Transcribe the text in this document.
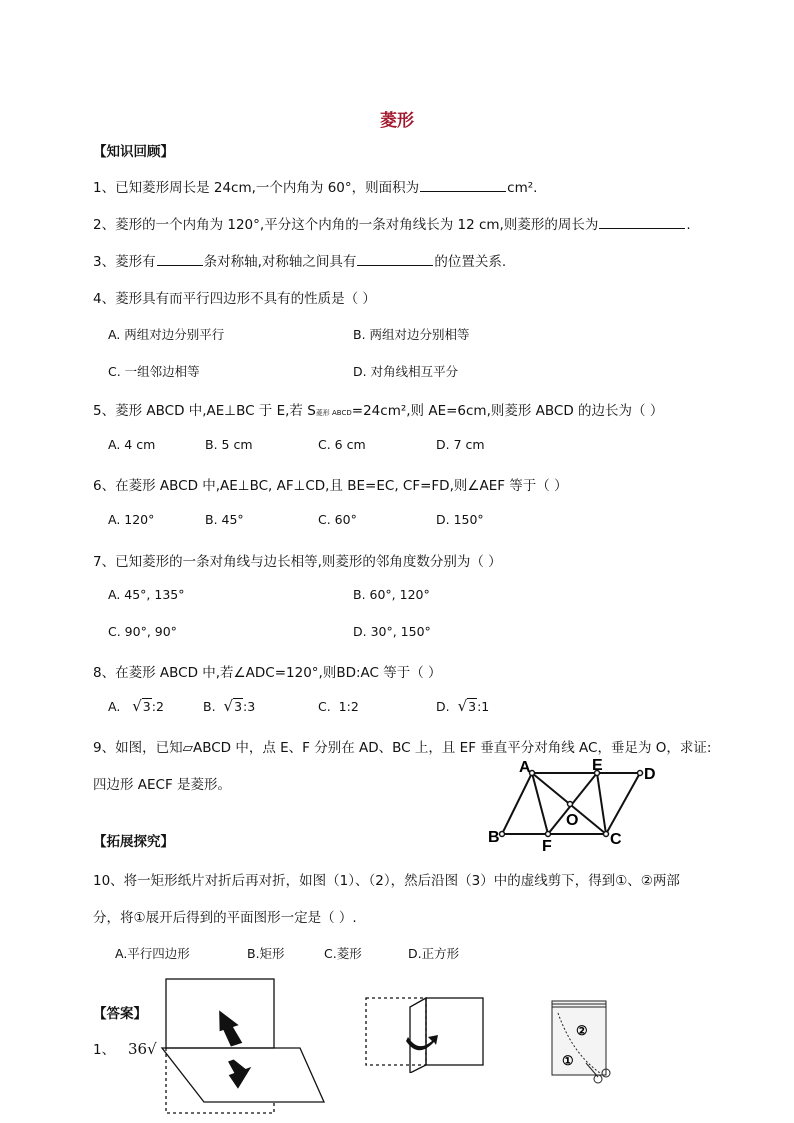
菱形
【知识回顾】
1、已知菱形周长是 24cm,一个内角为 60°，则面积为	cm².
2、菱形的一个内角为 120°,平分这个内角的一条对角线长为 12 cm,则菱形的周长为	.
3、菱形有	条对称轴,对称轴之间具有	的位置关系.
4、菱形具有而平行四边形不具有的性质是（ ）
A. 两组对边分别平行	B. 两组对边分别相等
C. 一组邻边相等	D. 对角线相互平分
5、菱形 ABCD 中,AE⊥BC 于 E,若 S菱形 ABCD=24cm²,则 AE=6cm,则菱形 ABCD 的边长为（ ）
A. 4 cm	B. 5 cm	C. 6 cm	D. 7 cm
6、在菱形 ABCD 中,AE⊥BC, AF⊥CD,且 BE=EC, CF=FD,则∠AEF 等于（ ）
A. 120°	B. 45°	C. 60°	D. 150°
7、已知菱形的一条对角线与边长相等,则菱形的邻角度数分别为（ ）
A. 45°, 135°	B. 60°, 120°
C. 90°, 90°	D. 30°, 150°
8、在菱形 ABCD 中,若∠ADC=120°,则BD:AC 等于（ ）
A. √3:2	B. √3:3	C. 1:2	D. √3:1
9、如图，已知▱ABCD 中，点 E、F 分别在 AD、BC 上，且 EF 垂直平分对角线 AC，垂足为 O，求证:
四边形 AECF 是菱形。
A	E
D
B
F
O
C
【拓展探究】
10、将一矩形纸片对折后再对折，如图（1）、（2），然后沿图（3）中的虚线剪下，得到①、②两部
分，将①展开后得到的平面图形一定是（ ）.
A.平行四边形	B.矩形	C.菱形	D.正方形
【答案】
1、 36√
②
①
